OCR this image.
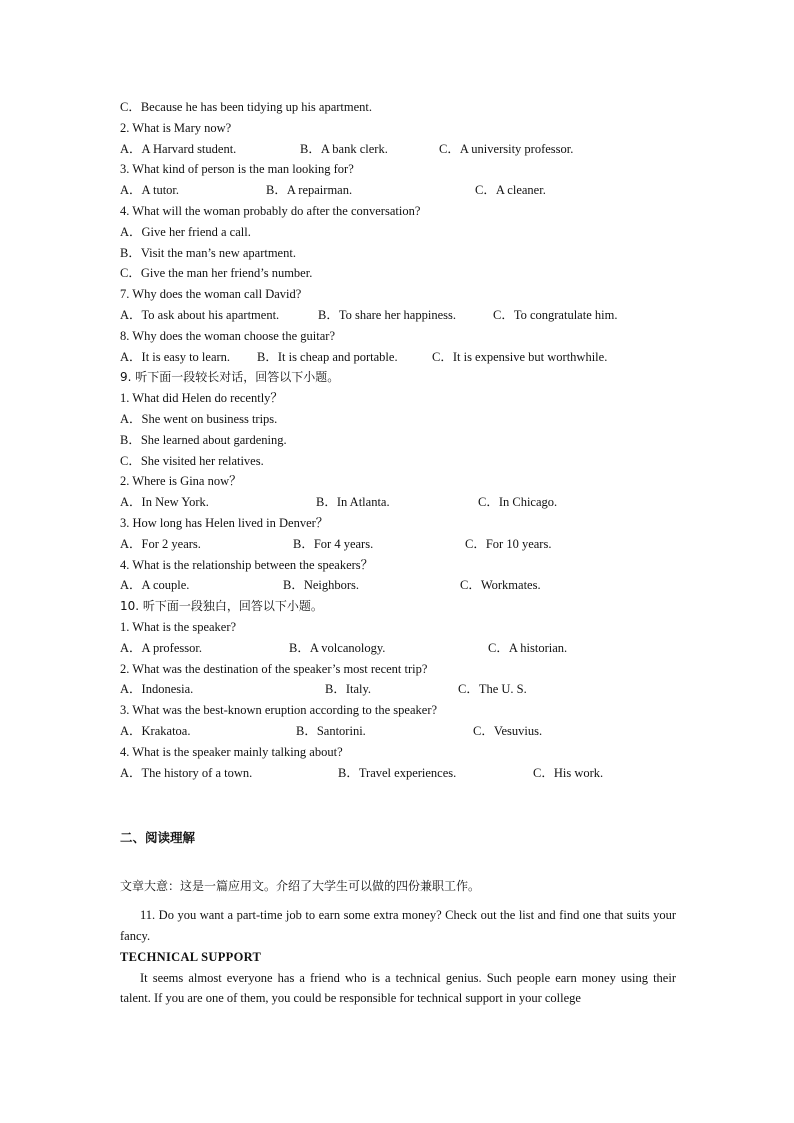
C．Because he has been tidying up his apartment.
2. What is Mary now?
A．A Harvard student.	B．A bank clerk.	C．A university professor.
3. What kind of person is the man looking for?
A．A tutor.	B．A repairman.	C．A cleaner.
4. What will the woman probably do after the conversation?
A．Give her friend a call.
B．Visit the man’s new apartment.
C．Give the man her friend’s number.
7. Why does the woman call David?
A．To ask about his apartment.	B．To share her happiness.	C．To congratulate him.
8. Why does the woman choose the guitar?
A．It is easy to learn. B．It is cheap and portable.	C．It is expensive but worthwhile.
9. 听下面一段较长对话，回答以下小题。
1. What did Helen do recently？
A．She went on business trips.
B．She learned about gardening.
C．She visited her relatives.
2. Where is Gina now？
A．In New York.	B．In Atlanta.	C．In Chicago.
3. How long has Helen lived in Denver？
A．For 2 years.	B．For 4 years.	C．For 10 years.
4. What is the relationship between the speakers？
A．A couple.	B．Neighbors.	C．Workmates.
10. 听下面一段独白，回答以下小题。
1. What is the speaker?
A．A professor.	B．A volcanology.	C．A historian.
2. What was the destination of the speaker’s most recent trip?
A．Indonesia.	B．Italy.	C．The U. S.
3. What was the best-known eruption according to the speaker?
A．Krakatoa.	B．Santorini.	C．Vesuvius.
4. What is the speaker mainly talking about?
A．The history of a town.	B．Travel experiences.	C．His work.
二、阅读理解
文章大意：这是一篇应用文。介绍了大学生可以做的四份兼职工作。
11. Do you want a part-time job to earn some extra money? Check out the list and find one that suits your fancy.
TECHNICAL SUPPORT
It seems almost everyone has a friend who is a technical genius. Such people earn money using their talent. If you are one of them, you could be responsible for technical support in your college
